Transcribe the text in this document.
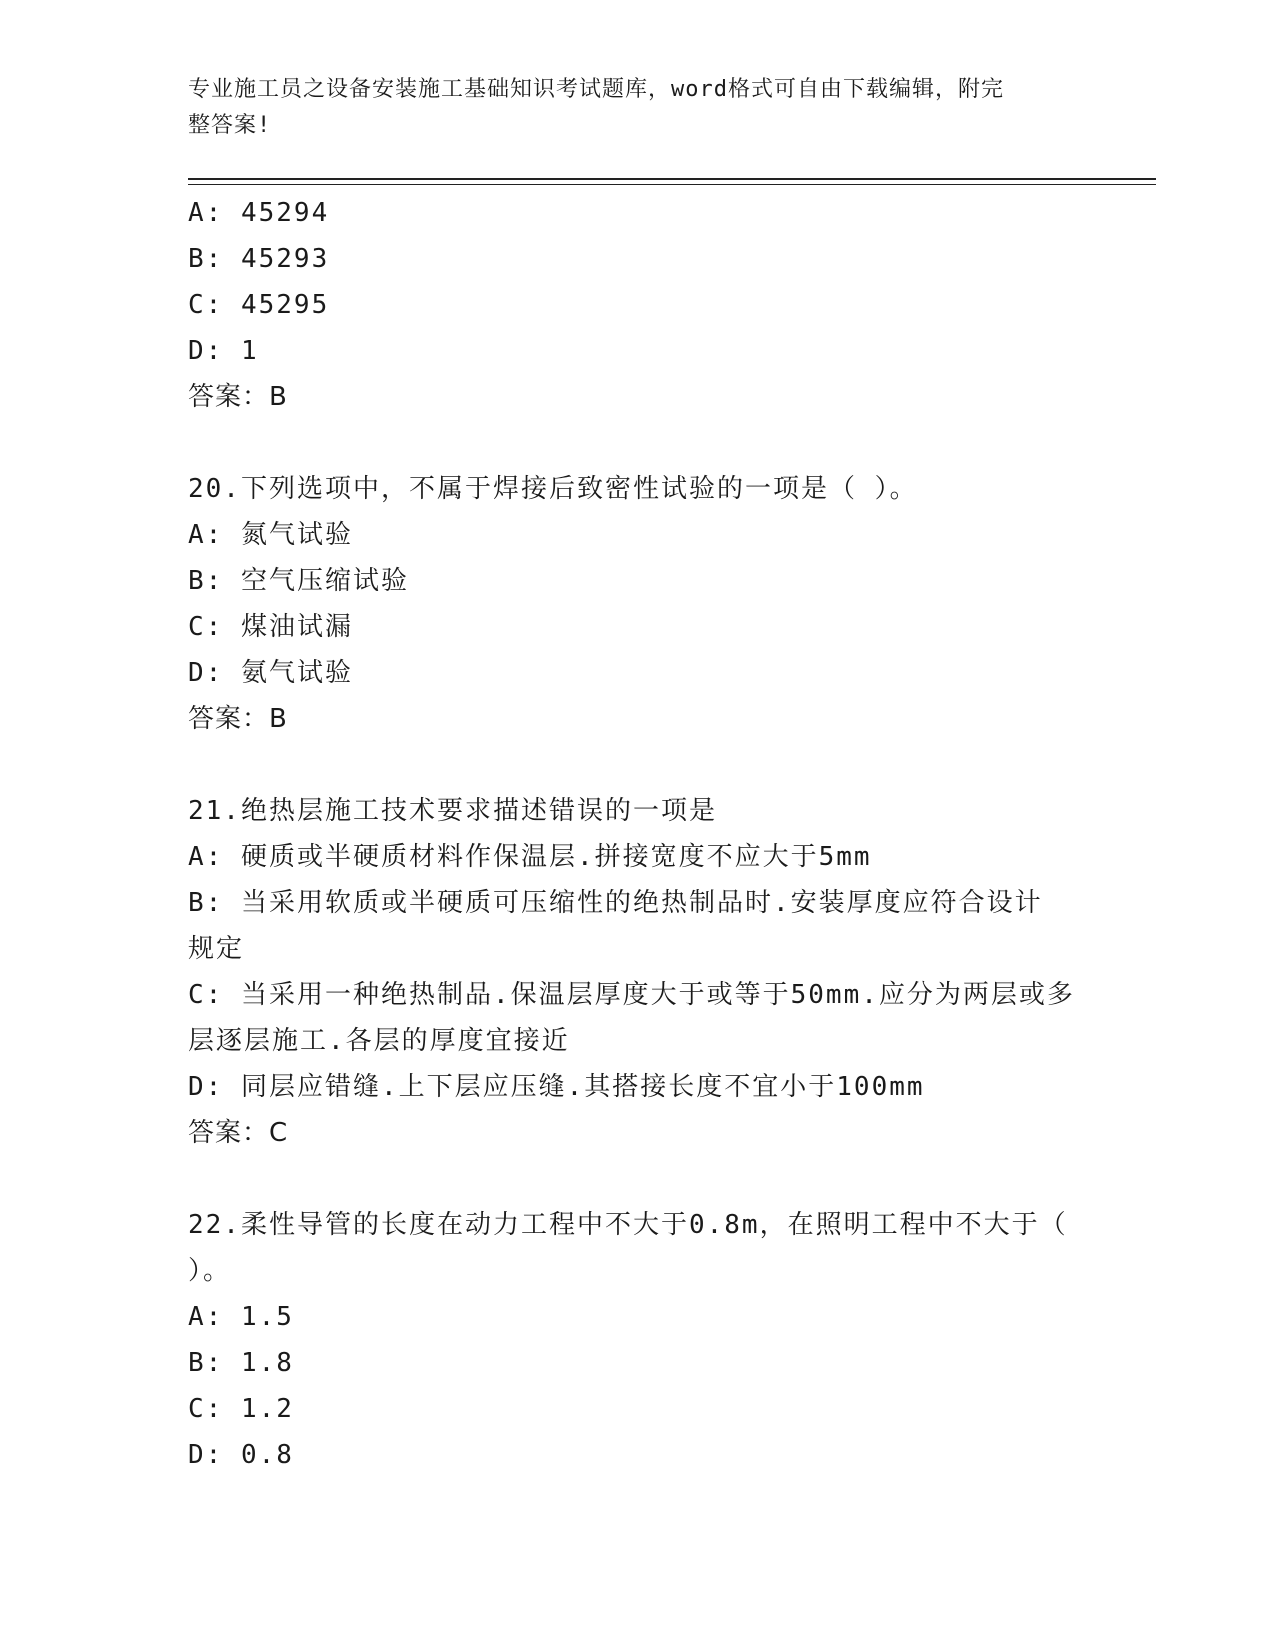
专业施工员之设备安装施工基础知识考试题库，word格式可自由下载编辑，附完
整答案!
A: 45294
B: 45293
C: 45295
D: 1
答案：B
20.下列选项中，不属于焊接后致密性试验的一项是（ ）。
A: 氮气试验
B: 空气压缩试验
C: 煤油试漏
D: 氨气试验
答案：B
21.绝热层施工技术要求描述错误的一项是
A: 硬质或半硬质材料作保温层.拼接宽度不应大于5mm
B: 当采用软质或半硬质可压缩性的绝热制品时.安装厚度应符合设计
规定
C: 当采用一种绝热制品.保温层厚度大于或等于50mm.应分为两层或多
层逐层施工.各层的厚度宜接近
D: 同层应错缝.上下层应压缝.其搭接长度不宜小于100mm
答案：C
22.柔性导管的长度在动力工程中不大于0.8m，在照明工程中不大于（
）。
A: 1.5
B: 1.8
C: 1.2
D: 0.8
